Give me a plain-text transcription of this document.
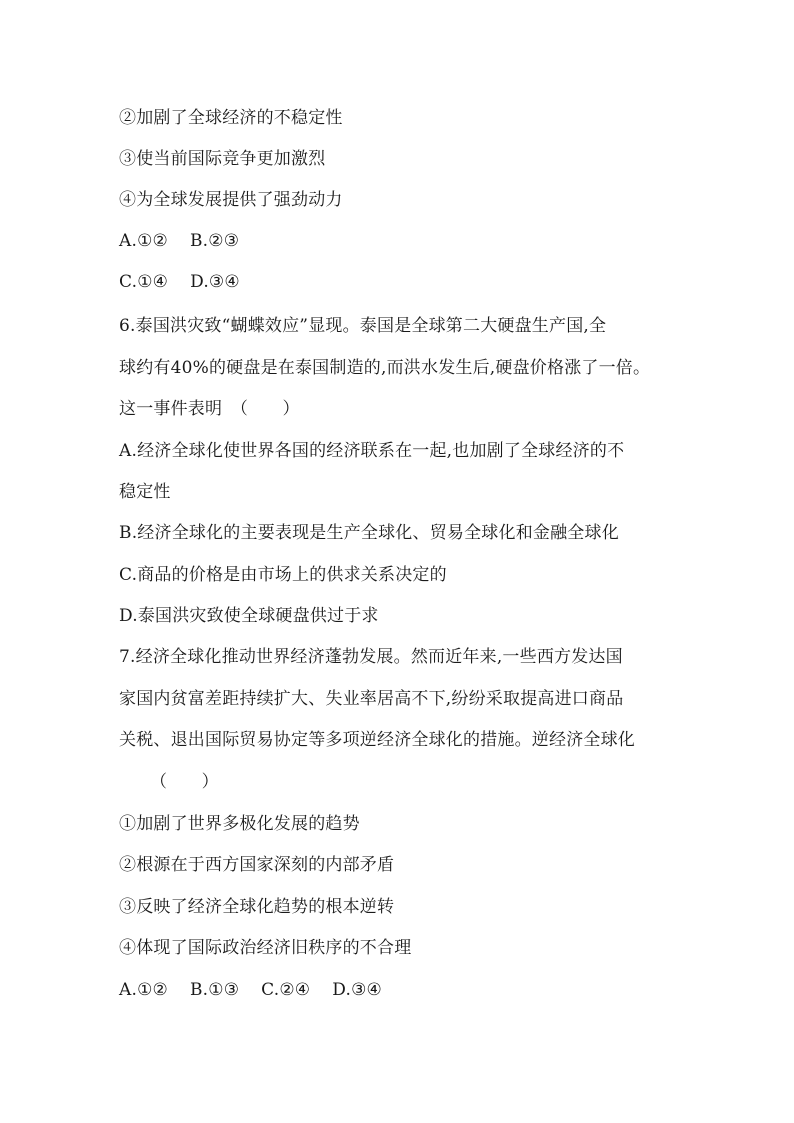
②加剧了全球经济的不稳定性
③使当前国际竞争更加激烈
④为全球发展提供了强劲动力
A.①② B.②③
C.①④ D.③④
6.泰国洪灾致“蝴蝶效应”显现。泰国是全球第二大硬盘生产国,全
球约有40%的硬盘是在泰国制造的,而洪水发生后,硬盘价格涨了一倍。
这一事件表明　（　　）
A.经济全球化使世界各国的经济联系在一起,也加剧了全球经济的不
稳定性
B.经济全球化的主要表现是生产全球化、贸易全球化和金融全球化
C.商品的价格是由市场上的供求关系决定的
D.泰国洪灾致使全球硬盘供过于求
7.经济全球化推动世界经济蓬勃发展。然而近年来,一些西方发达国
家国内贫富差距持续扩大、失业率居高不下,纷纷采取提高进口商品
关税、退出国际贸易协定等多项逆经济全球化的措施。逆经济全球化
（　　）
①加剧了世界多极化发展的趋势
②根源在于西方国家深刻的内部矛盾
③反映了经济全球化趋势的根本逆转
④体现了国际政治经济旧秩序的不合理
A.①② B.①③ C.②④ D.③④
